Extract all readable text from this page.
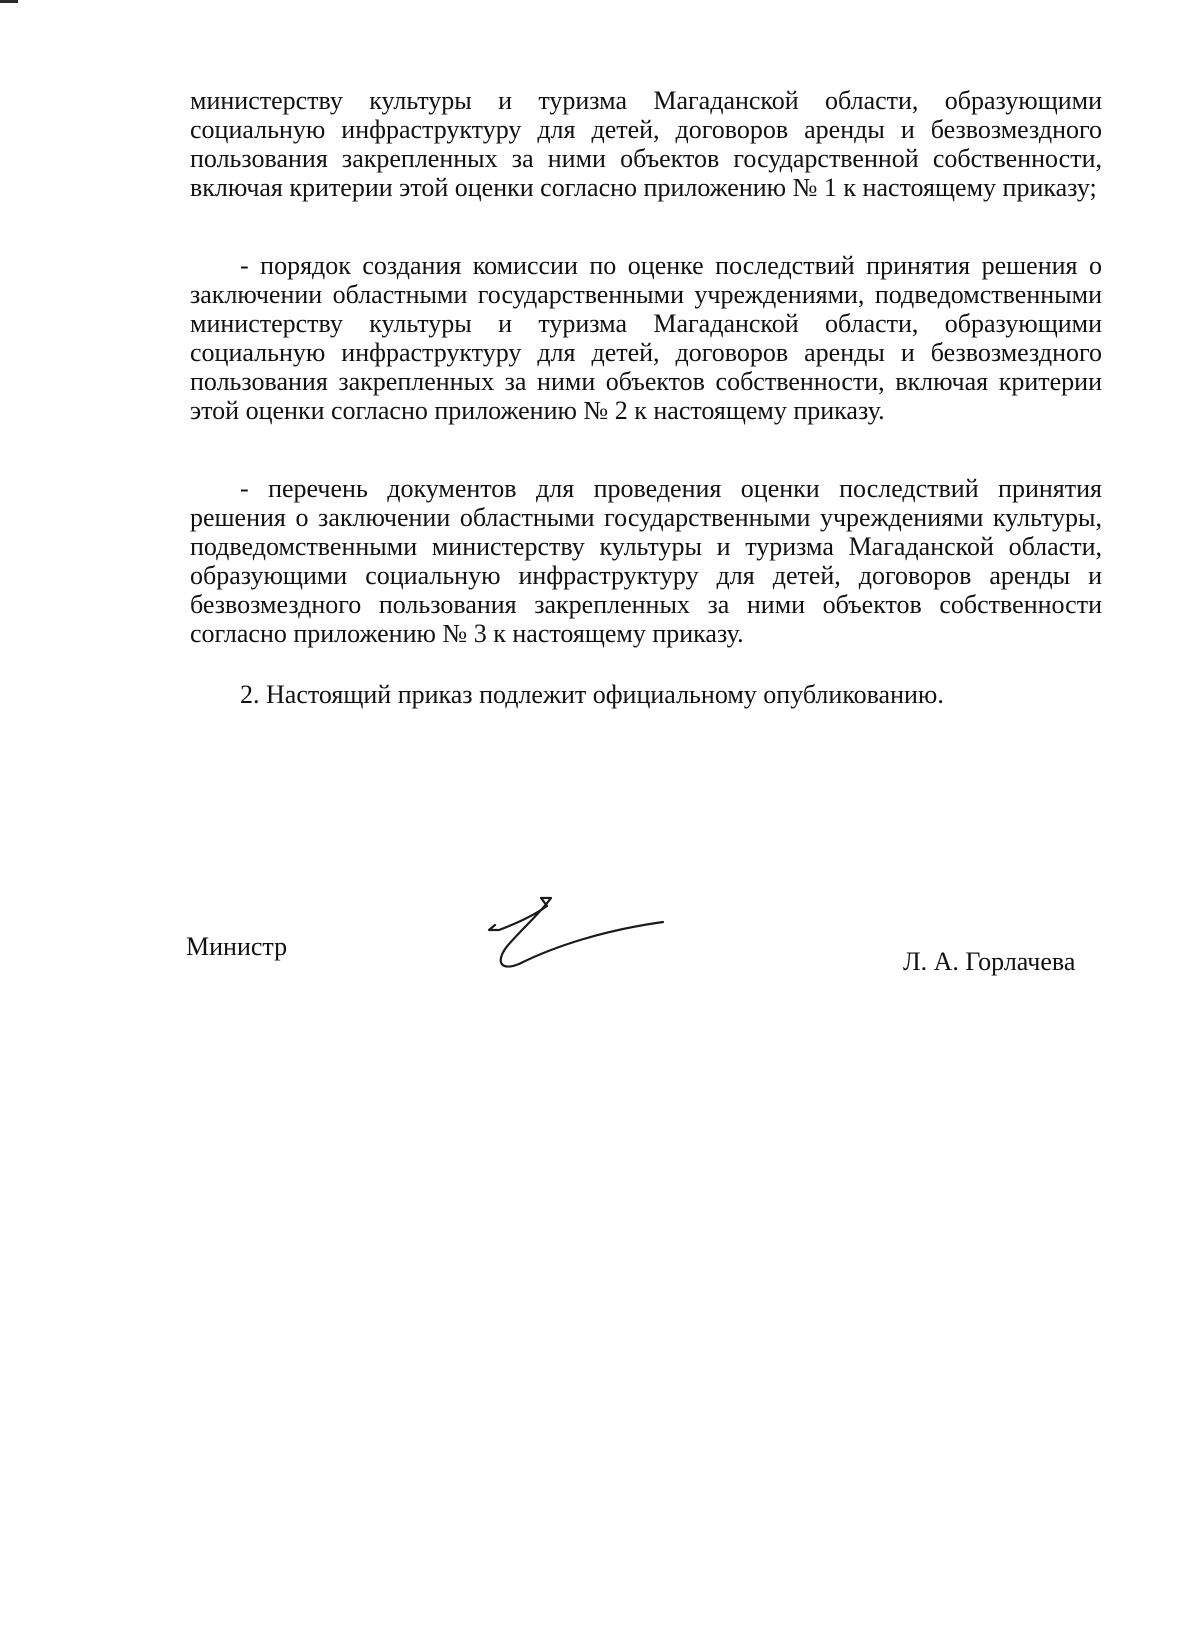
министерству культуры и туризма Магаданской области, образующими социальную инфраструктуру для детей, договоров аренды и безвозмездного пользования закрепленных за ними объектов государственной собственности, включая критерии этой оценки согласно приложению № 1 к настоящему приказу;

- порядок создания комиссии по оценке последствий принятия решения о заключении областными государственными учреждениями, подведомственными министерству культуры и туризма Магаданской области, образующими социальную инфраструктуру для детей, договоров аренды и безвозмездного пользования закрепленных за ними объектов собственности, включая критерии этой оценки согласно приложению № 2 к настоящему приказу.

- перечень документов для проведения оценки последствий принятия решения о заключении областными государственными учреждениями культуры, подведомственными министерству культуры и туризма Магаданской области, образующими социальную инфраструктуру для детей, договоров аренды и безвозмездного пользования закрепленных за ними объектов собственности согласно приложению № 3 к настоящему приказу.

2. Настоящий приказ подлежит официальному опубликованию.

Министр
Л. А. Горлачева
